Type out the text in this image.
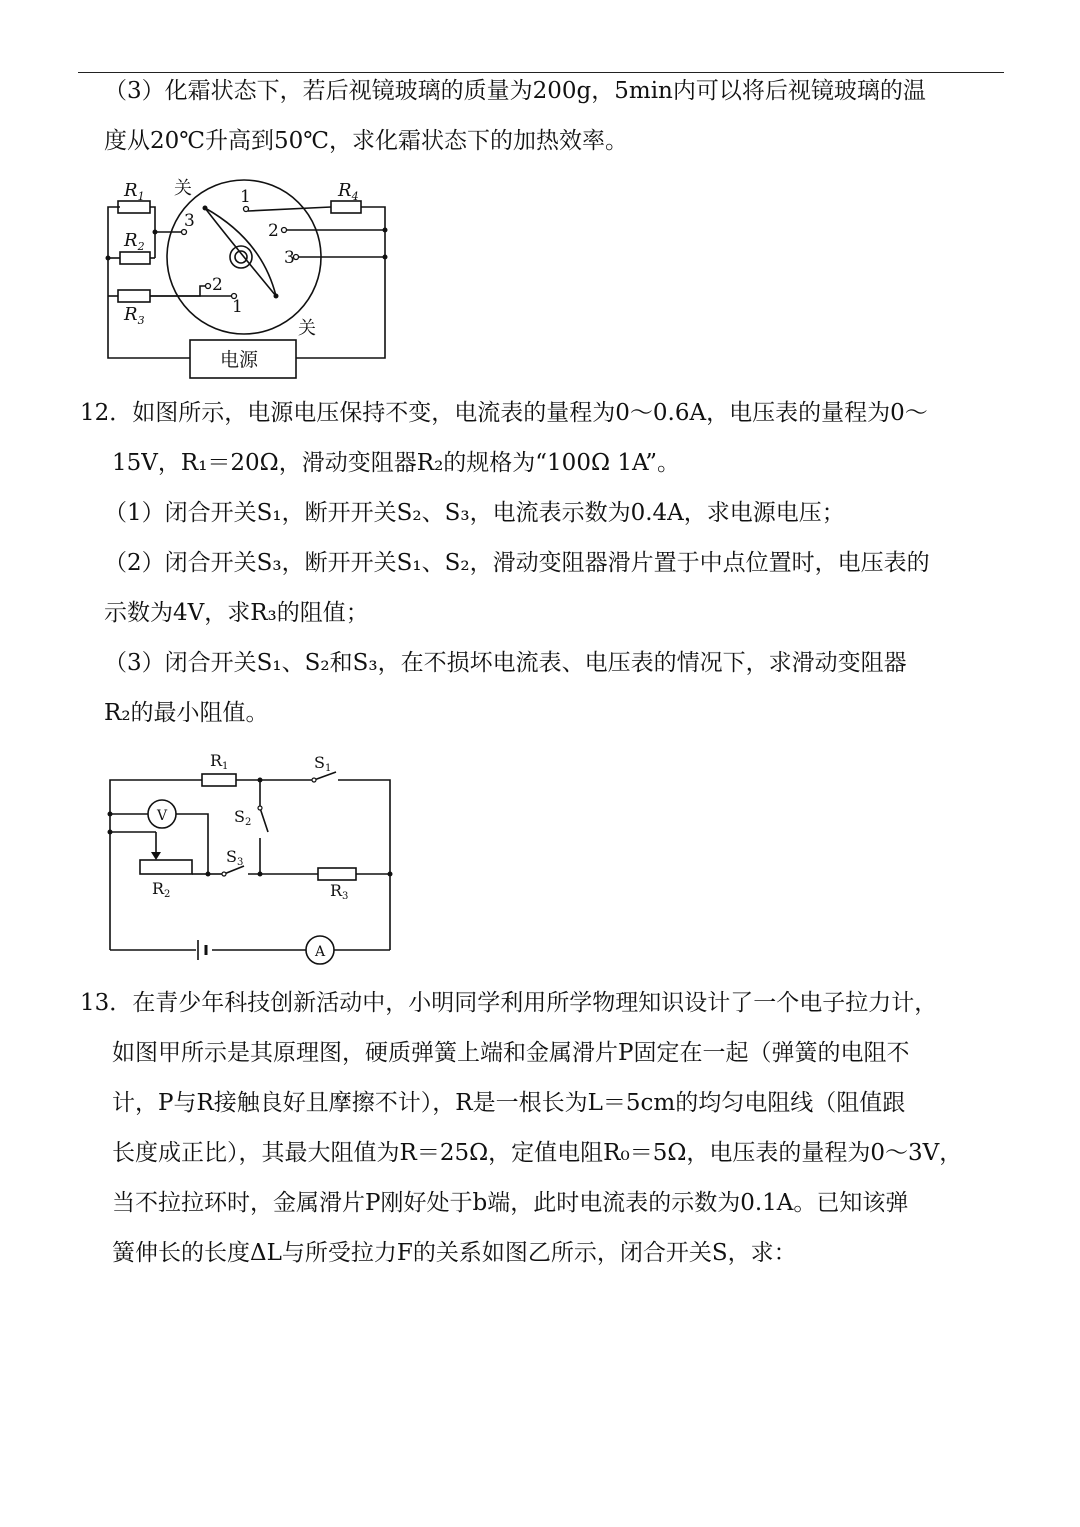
（3）化霜状态下，若后视镜玻璃的质量为200g，5min内可以将后视镜玻璃的温
度从20℃升高到50℃，求化霜状态下的加热效率。
$R_1$
$R_2$
$R_3$
$R_4$
关
关
1
2
3
3
2
1
电源
12．如图所示，电源电压保持不变，电流表的量程为0～0.6A，电压表的量程为0～
15V，R₁＝20Ω，滑动变阻器R₂的规格为“100Ω 1A”。
（1）闭合开关S₁，断开开关S₂、S₃，电流表示数为0.4A，求电源电压；
（2）闭合开关S₃，断开开关S₁、S₂，滑动变阻器滑片置于中点位置时，电压表的
示数为4V，求R₃的阻值；
（3）闭合开关S₁、S₂和S₃，在不损坏电流表、电压表的情况下，求滑动变阻器
R₂的最小阻值。
R1	S1
S2
S3
R2	R3
V
A
13．在青少年科技创新活动中，小明同学利用所学物理知识设计了一个电子拉力计，
如图甲所示是其原理图，硬质弹簧上端和金属滑片P固定在一起（弹簧的电阻不
计，P与R接触良好且摩擦不计），R是一根长为L＝5cm的均匀电阻线（阻值跟
长度成正比），其最大阻值为R＝25Ω，定值电阻R₀＝5Ω，电压表的量程为0～3V，
当不拉拉环时，金属滑片P刚好处于b端，此时电流表的示数为0.1A。已知该弹
簧伸长的长度ΔL与所受拉力F的关系如图乙所示，闭合开关S，求：
